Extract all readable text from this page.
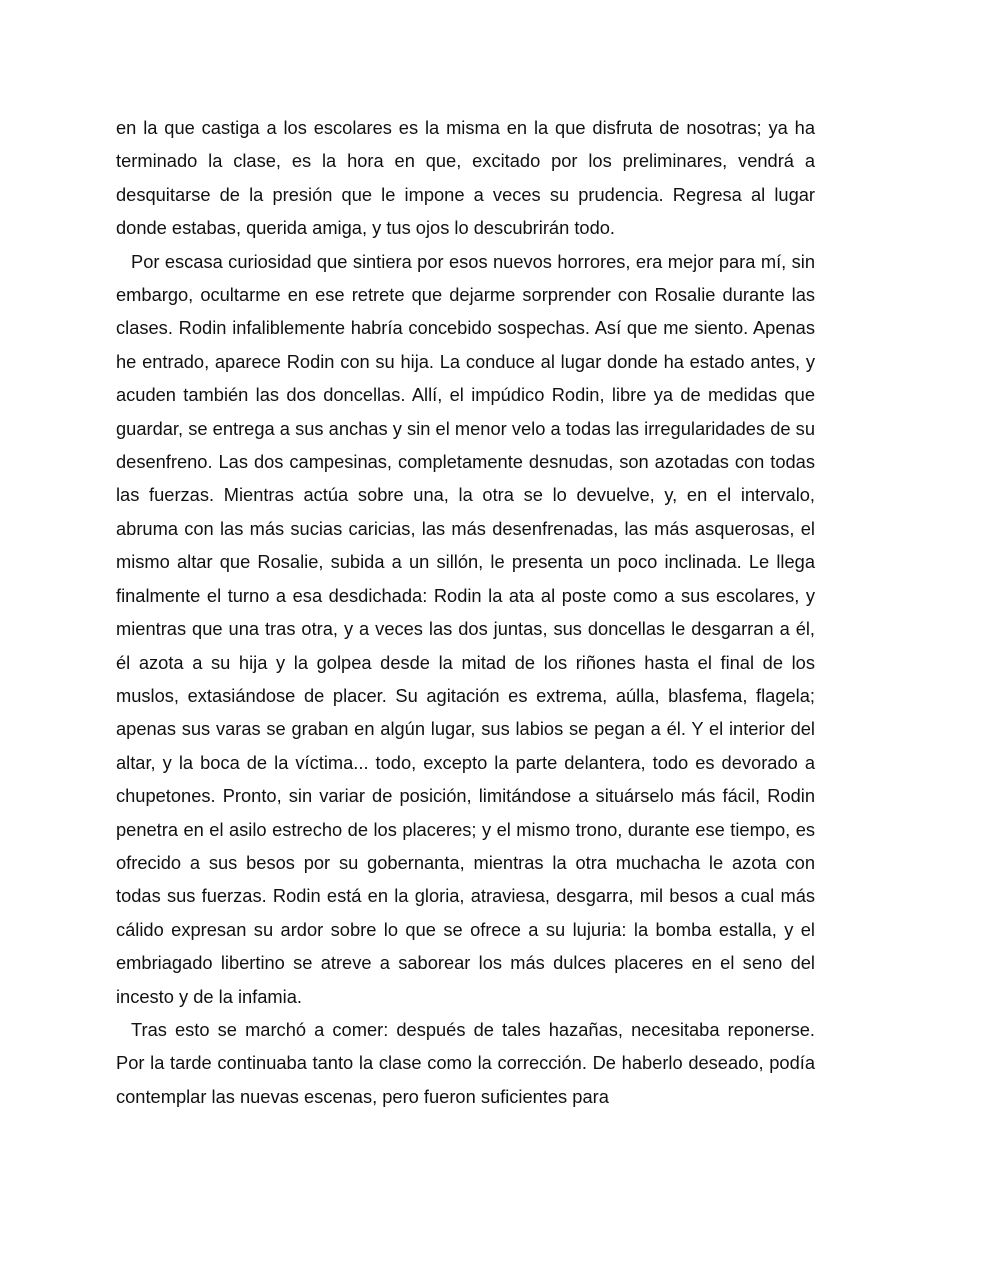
en la que castiga a los escolares es la misma en la que disfruta de nosotras; ya ha terminado la clase, es la hora en que, excitado por los preliminares, vendrá a desquitarse de la presión que le impone a veces su prudencia. Regresa al lugar donde estabas, querida amiga, y tus ojos lo descubrirán todo.

Por escasa curiosidad que sintiera por esos nuevos horrores, era mejor para mí, sin embargo, ocultarme en ese retrete que dejarme sorprender con Rosalie durante las clases. Rodin infaliblemente habría concebido sospechas. Así que me siento. Apenas he entrado, aparece Rodin con su hija. La conduce al lugar donde ha estado antes, y acuden también las dos doncellas. Allí, el impúdico Rodin, libre ya de medidas que guardar, se entrega a sus anchas y sin el menor velo a todas las irregularidades de su desenfreno. Las dos campesinas, completamente desnudas, son azotadas con todas las fuerzas. Mientras actúa sobre una, la otra se lo devuelve, y, en el intervalo, abruma con las más sucias caricias, las más desenfrenadas, las más asquerosas, el mismo altar que Rosalie, subida a un sillón, le presenta un poco inclinada. Le llega finalmente el turno a esa desdichada: Rodin la ata al poste como a sus escolares, y mientras que una tras otra, y a veces las dos juntas, sus doncellas le desgarran a él, él azota a su hija y la golpea desde la mitad de los riñones hasta el final de los muslos, extasiándose de placer. Su agitación es extrema, aúlla, blasfema, flagela; apenas sus varas se graban en algún lugar, sus labios se pegan a él. Y el interior del altar, y la boca de la víctima... todo, excepto la parte delantera, todo es devorado a chupetones. Pronto, sin variar de posición, limitándose a situárselo más fácil, Rodin penetra en el asilo estrecho de los placeres; y el mismo trono, durante ese tiempo, es ofrecido a sus besos por su gobernanta, mientras la otra muchacha le azota con todas sus fuerzas. Rodin está en la gloria, atraviesa, desgarra, mil besos a cual más cálido expresan su ardor sobre lo que se ofrece a su lujuria: la bomba estalla, y el embriagado libertino se atreve a saborear los más dulces placeres en el seno del incesto y de la infamia.

Tras esto se marchó a comer: después de tales hazañas, necesitaba reponerse. Por la tarde continuaba tanto la clase como la corrección. De haberlo deseado, podía contemplar las nuevas escenas, pero fueron suficientes para
